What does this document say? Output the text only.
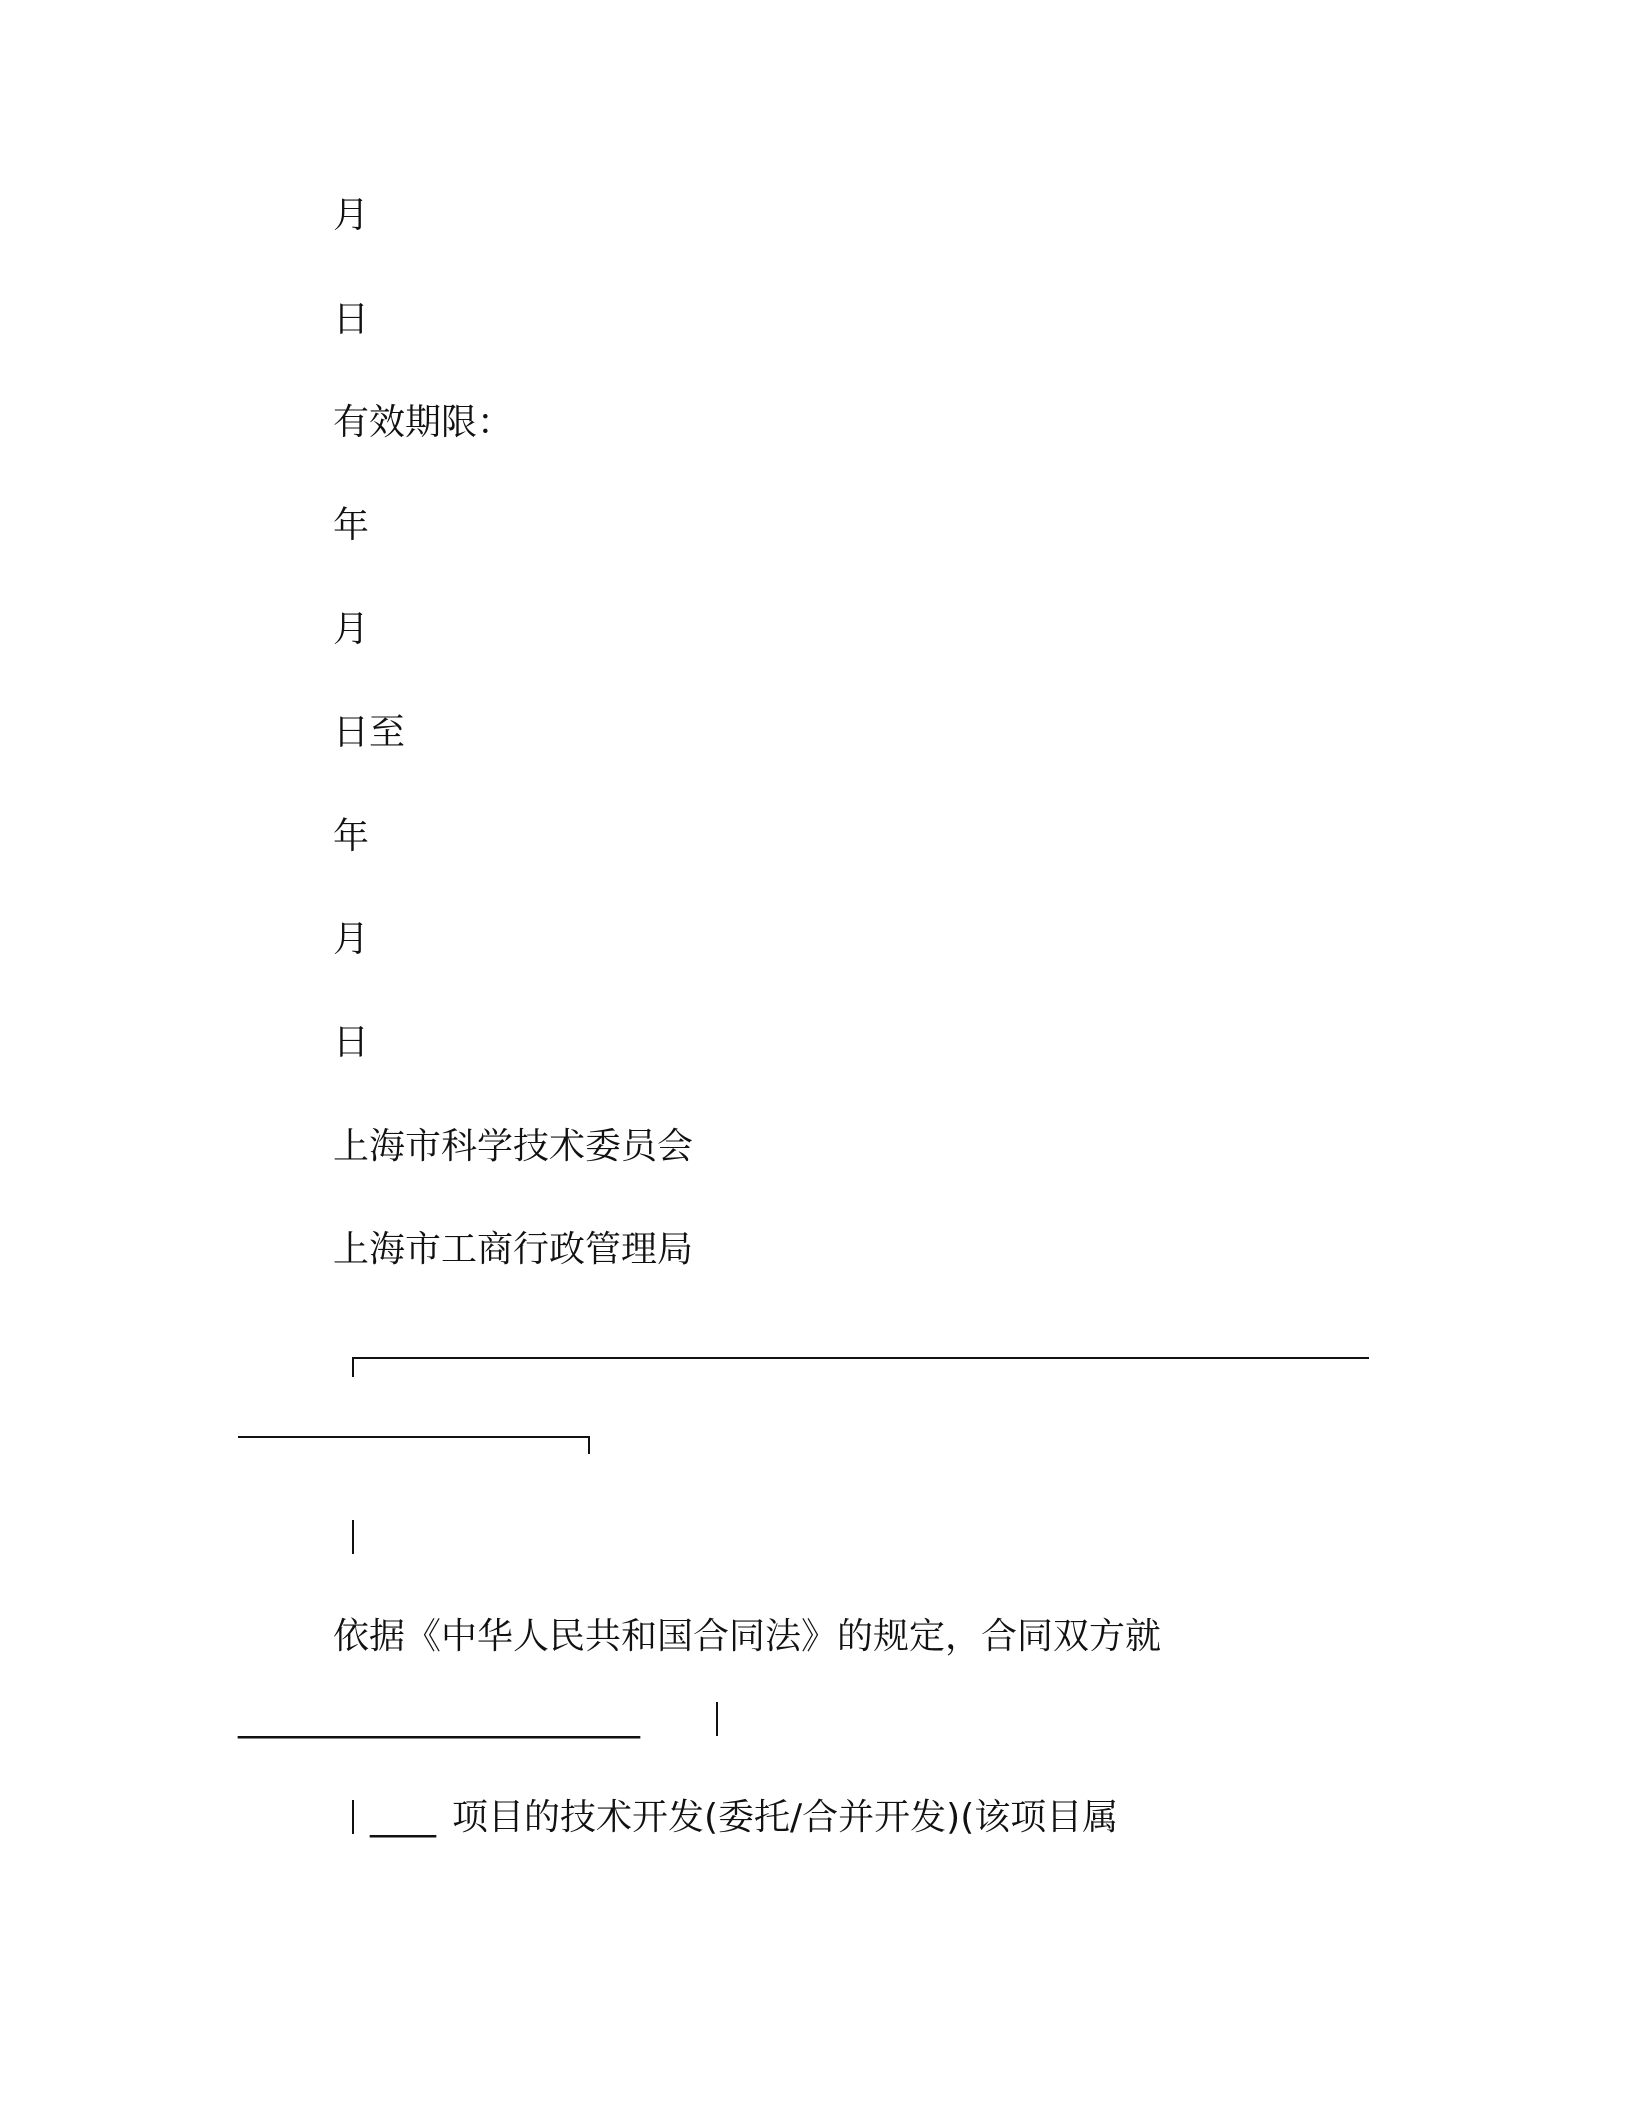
月
日
有效期限：
年
月
日至
年
月
日
上海市科学技术委员会
上海市工商行政管理局
依据《中华人民共和国合同法》的规定，合同双方就
_________________________
____ 项目的技术开发(委托/合并开发)(该项目属
